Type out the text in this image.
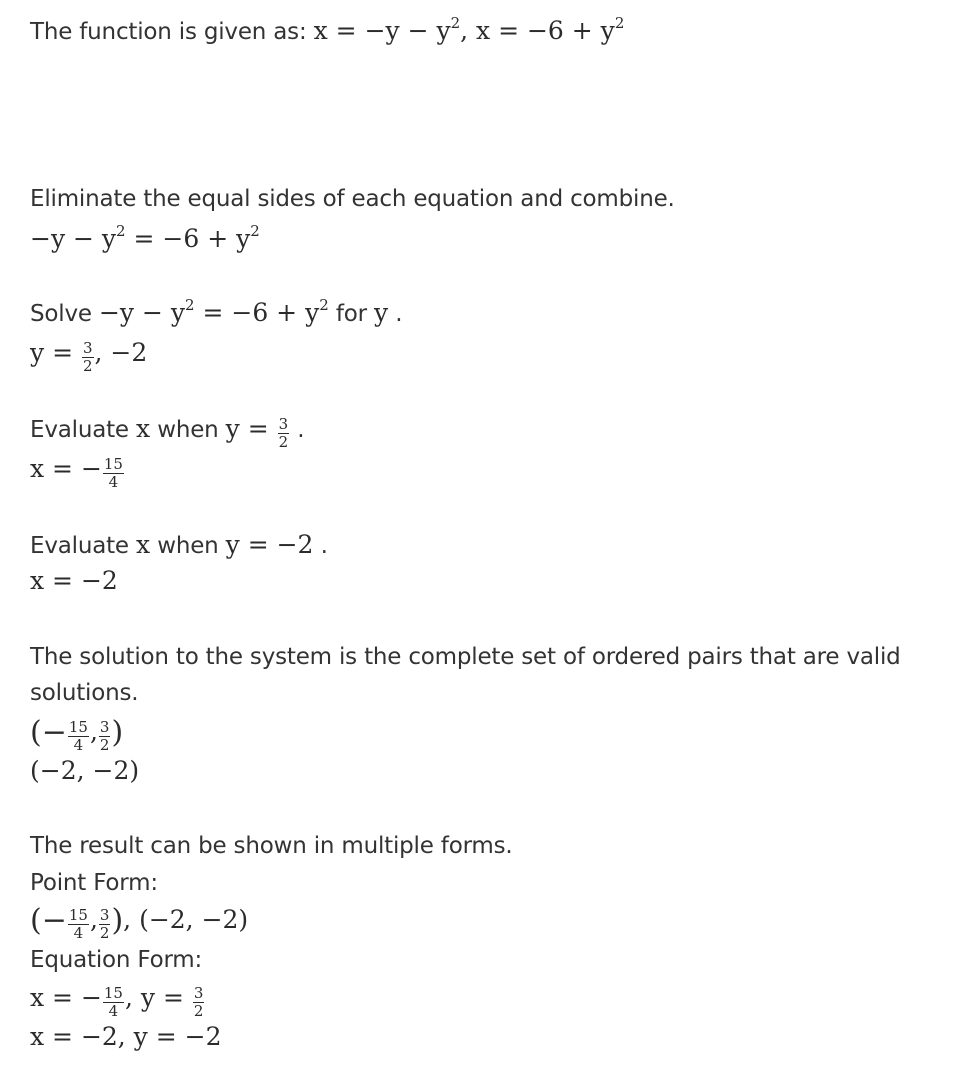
The function is given as: $x = -y - y^2$, $x = -6 + y^2$
Eliminate the equal sides of each equation and combine.
$-y - y^2 = -6 + y^2$
Solve $-y - y^2 = -6 + y^2$ for y .
$y = \frac{3}{2}$ , −2
Evaluate x when $y = \frac{3}{2}$ .
x = − $\frac{15}{4}$
Evaluate x when y = −2 .
x = −2
The solution to the system is the complete set of ordered pairs that are valid
solutions.
(− $\frac{15}{4}$ , $\frac{3}{2}$ )
(−2, −2)
The result can be shown in multiple forms.
Point Form:
(− $\frac{15}{4}$ , $\frac{3}{2}$ ), (−2, −2)
Equation Form:
x = − $\frac{15}{4}$ , $y = \frac{3}{2}$
x = −2, y = −2
